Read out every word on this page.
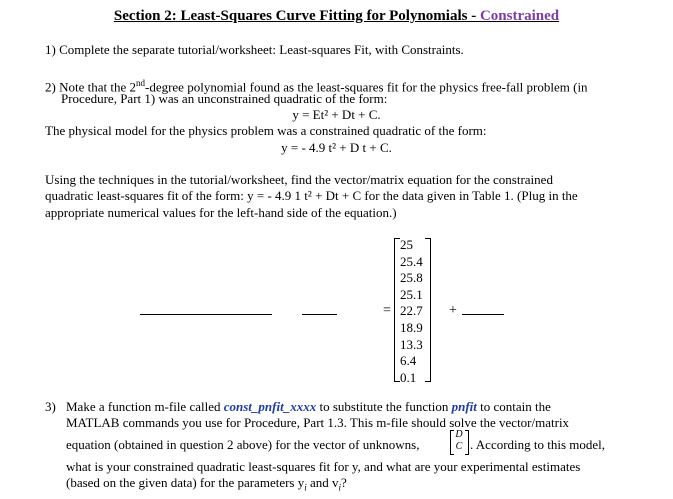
Section 2: Least-Squares Curve Fitting for Polynomials - Constrained
1) Complete the separate tutorial/worksheet: Least-squares Fit, with Constraints.
2) Note that the 2nd-degree polynomial found as the least-squares fit for the physics free-fall problem (in
Procedure, Part 1) was an unconstrained quadratic of the form:
y = Et² + Dt + C.
The physical model for the physics problem was a constrained quadratic of the form:
y = - 4.9 t² + D t + C.
Using the techniques in the tutorial/worksheet, find the vector/matrix equation for the constrained
quadratic least-squares fit of the form: y = - 4.9 1 t² + Dt + C for the data given in Table 1. (Plug in the
appropriate numerical values for the left-hand side of the equation.)
=
25
25.4
25.8
25.1
22.7
18.9
13.3
6.4
0.1
+
3) Make a function m-file called const_pnfit_xxxx to substitute the function pnfit to contain the
MATLAB commands you use for Procedure, Part 1.3. This m-file should solve the vector/matrix
equation (obtained in question 2 above) for the vector of unknowns,
D
C . According to this model,
what is your constrained quadratic least-squares fit for y, and what are your experimental estimates
(based on the given data) for the parameters $y_i$ and $v_i$?
